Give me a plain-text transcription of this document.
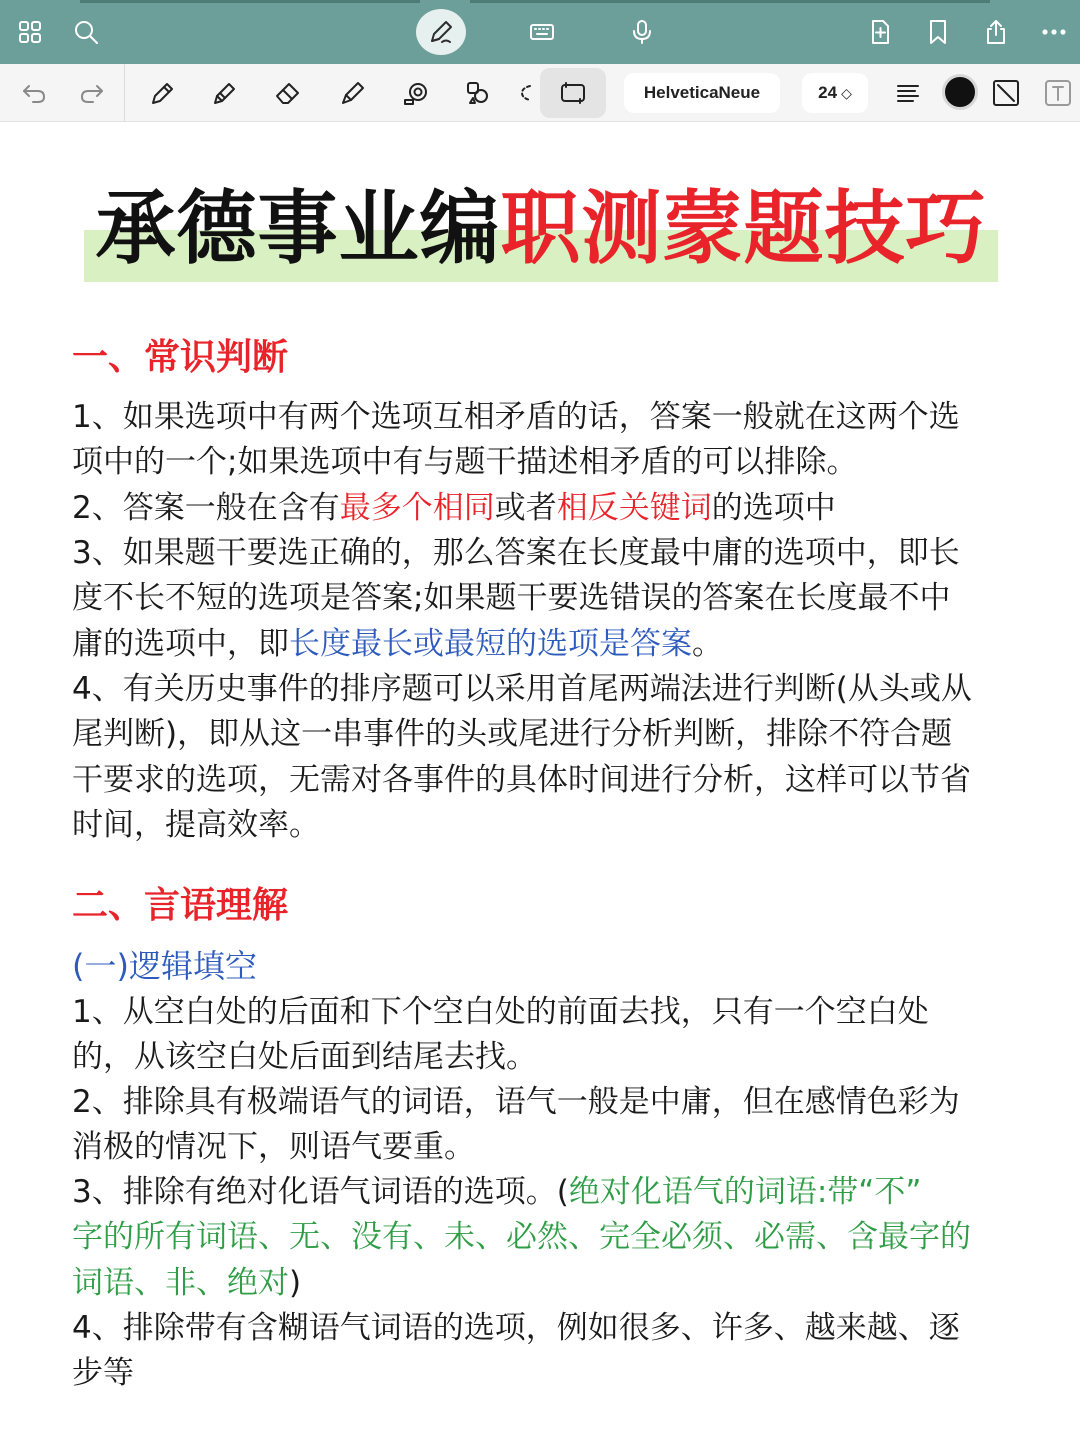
HelveticaNeue	24 ◇
承德事业编职测蒙题技巧
一、常识判断
1、如果选项中有两个选项互相矛盾的话，答案一般就在这两个选
项中的一个;如果选项中有与题干描述相矛盾的可以排除。
2、答案一般在含有最多个相同或者相反关键词的选项中
3、如果题干要选正确的，那么答案在长度最中庸的选项中，即长
度不长不短的选项是答案;如果题干要选错误的答案在长度最不中
庸的选项中，即长度最长或最短的选项是答案。
4、有关历史事件的排序题可以采用首尾两端法进行判断(从头或从
尾判断)，即从这一串事件的头或尾进行分析判断，排除不符合题
干要求的选项，无需对各事件的具体时间进行分析，这样可以节省
时间，提高效率。
二、言语理解
(一)逻辑填空
1、从空白处的后面和下个空白处的前面去找，只有一个空白处
的，从该空白处后面到结尾去找。
2、排除具有极端语气的词语，语气一般是中庸，但在感情色彩为
消极的情况下，则语气要重。
3、排除有绝对化语气词语的选项。(绝对化语气的词语:带“不”
字的所有词语、无、没有、未、必然、完全必须、必需、含最字的
词语、非、绝对)
4、排除带有含糊语气词语的选项，例如很多、许多、越来越、逐
步等
